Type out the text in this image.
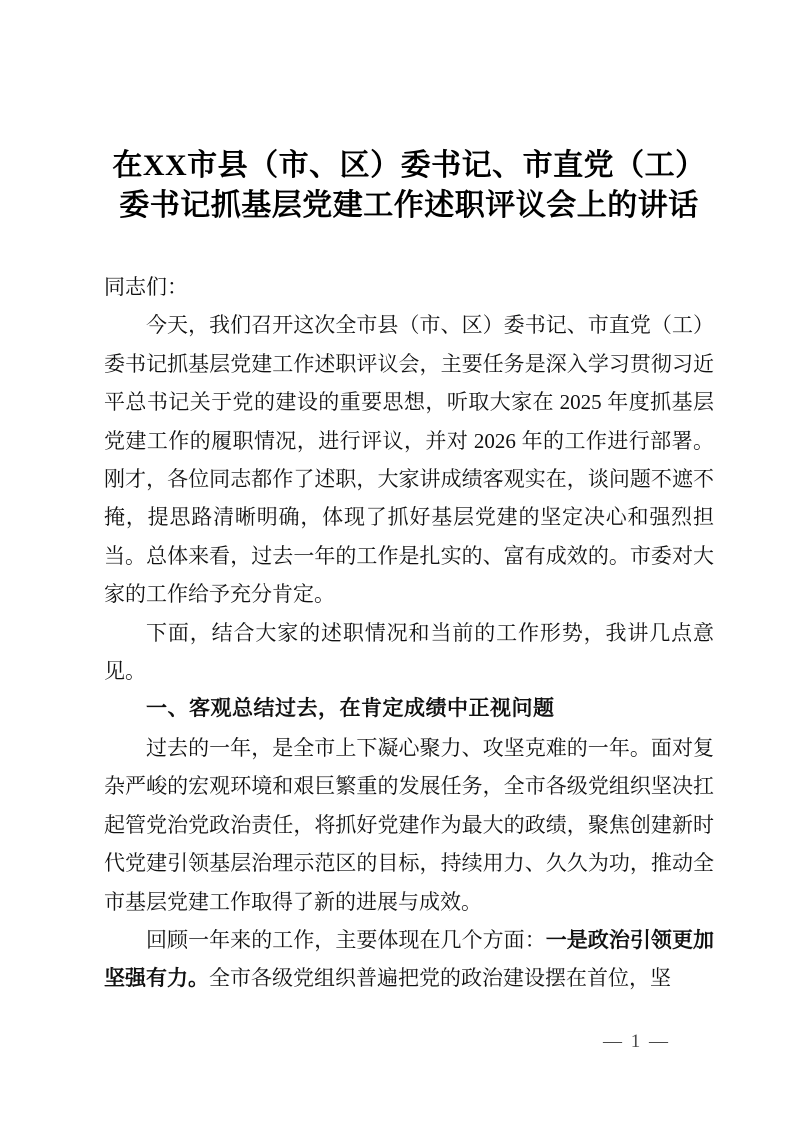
在XX市县（市、区）委书记、市直党（工）
委书记抓基层党建工作述职评议会上的讲话

同志们：

今天，我们召开这次全市县（市、区）委书记、市直党（工）委书记抓基层党建工作述职评议会，主要任务是深入学习贯彻习近平总书记关于党的建设的重要思想，听取大家在 2025 年度抓基层党建工作的履职情况，进行评议，并对 2026 年的工作进行部署。刚才，各位同志都作了述职，大家讲成绩客观实在，谈问题不遮不掩，提思路清晰明确，体现了抓好基层党建的坚定决心和强烈担当。总体来看，过去一年的工作是扎实的、富有成效的。市委对大家的工作给予充分肯定。

下面，结合大家的述职情况和当前的工作形势，我讲几点意见。

一、客观总结过去，在肯定成绩中正视问题

过去的一年，是全市上下凝心聚力、攻坚克难的一年。面对复杂严峻的宏观环境和艰巨繁重的发展任务，全市各级党组织坚决扛起管党治党政治责任，将抓好党建作为最大的政绩，聚焦创建新时代党建引领基层治理示范区的目标，持续用力、久久为功，推动全市基层党建工作取得了新的进展与成效。

回顾一年来的工作，主要体现在几个方面：一是政治引领更加坚强有力。全市各级党组织普遍把党的政治建设摆在首位，坚

— 1 —
